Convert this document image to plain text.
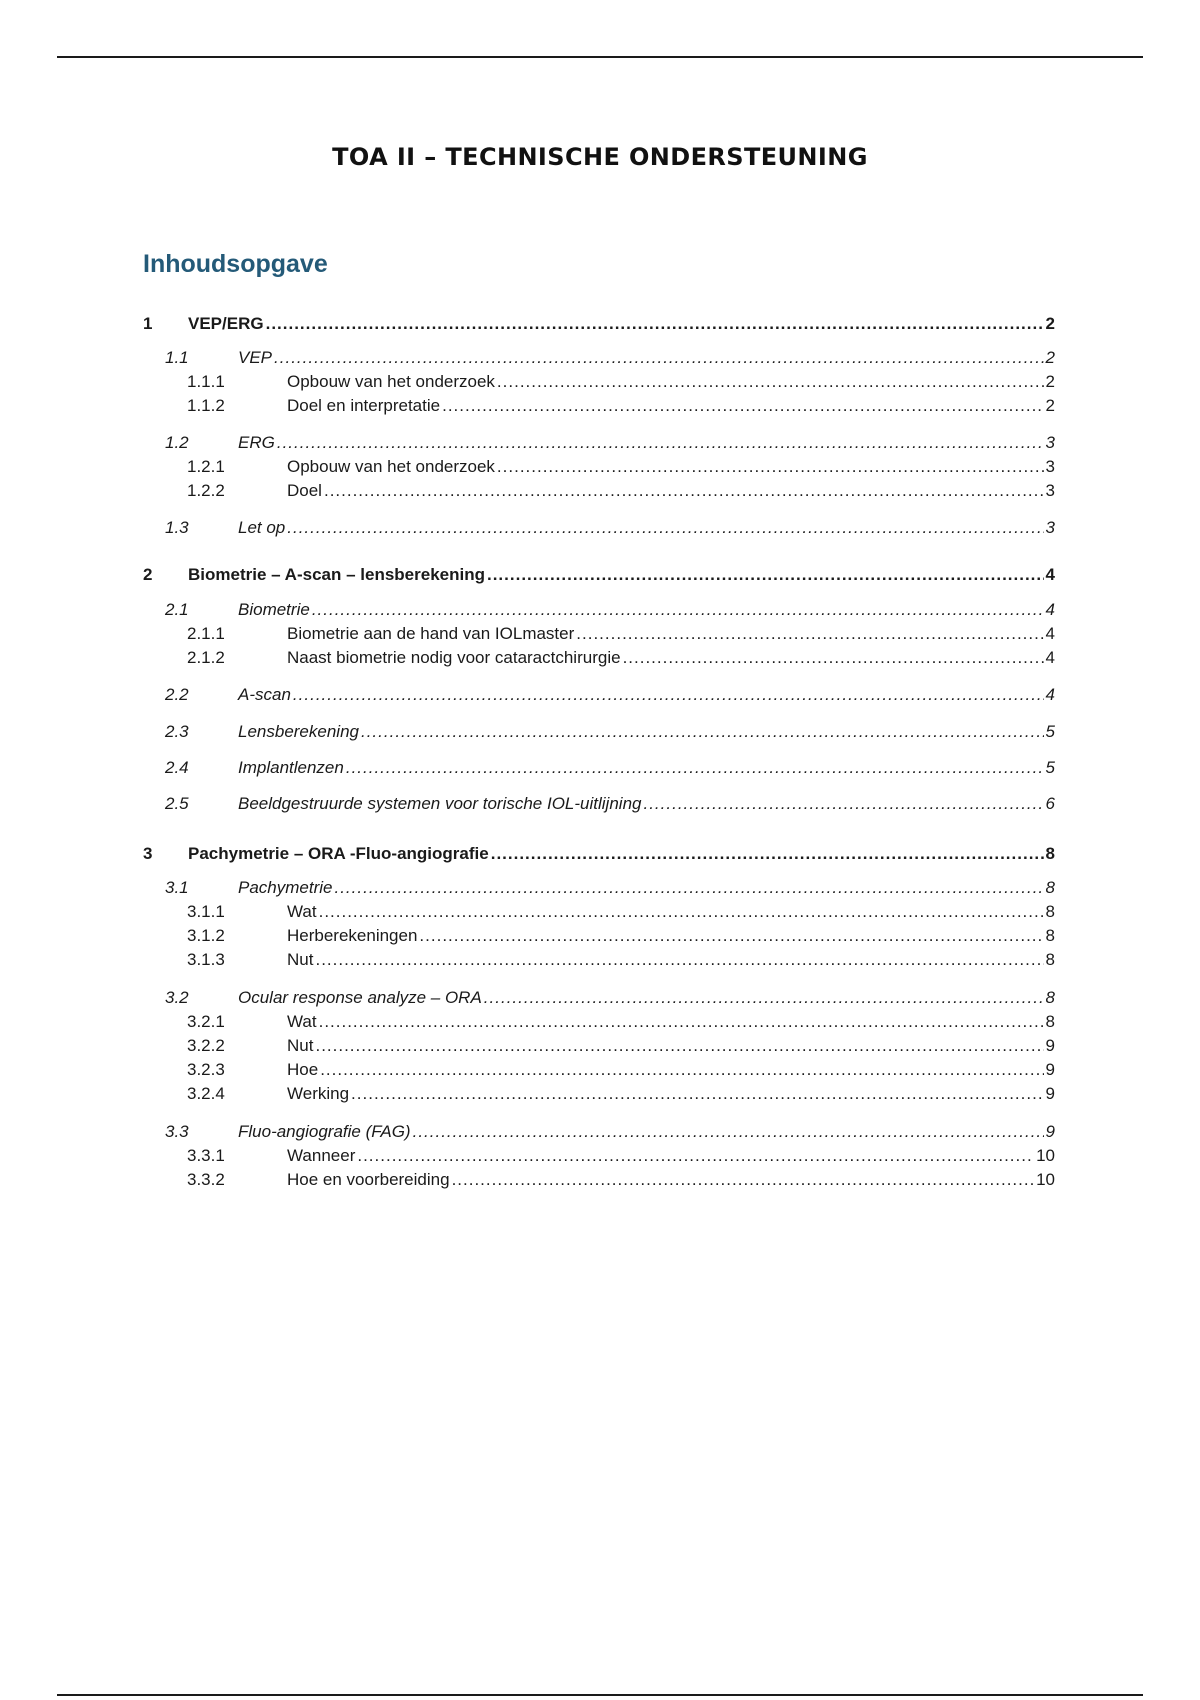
TOA II – TECHNISCHE ONDERSTEUNING
Inhoudsopgave
1	VEP/ERG .....	2
1.1	VEP .....	2
1.1.1	Opbouw van het onderzoek .....	2
1.1.2	Doel en interpretatie .....	2
1.2	ERG .....	3
1.2.1	Opbouw van het onderzoek .....	3
1.2.2	Doel .....	3
1.3	Let op .....	3
2	Biometrie – A-scan – lensberekening .....	4
2.1	Biometrie .....	4
2.1.1	Biometrie aan de hand van IOLmaster .....	4
2.1.2	Naast biometrie nodig voor cataractchirurgie .....	4
2.2	A-scan .....	4
2.3	Lensberekening .....	5
2.4	Implantlenzen .....	5
2.5	Beeldgestruurde systemen voor torische IOL-uitlijning .....	6
3	Pachymetrie – ORA -Fluo-angiografie .....	8
3.1	Pachymetrie .....	8
3.1.1	Wat .....	8
3.1.2	Herberekeningen .....	8
3.1.3	Nut .....	8
3.2	Ocular response analyze – ORA .....	8
3.2.1	Wat .....	8
3.2.2	Nut .....	9
3.2.3	Hoe .....	9
3.2.4	Werking .....	9
3.3	Fluo-angiografie (FAG) .....	9
3.3.1	Wanneer .....	10
3.3.2	Hoe en voorbereiding .....	10
